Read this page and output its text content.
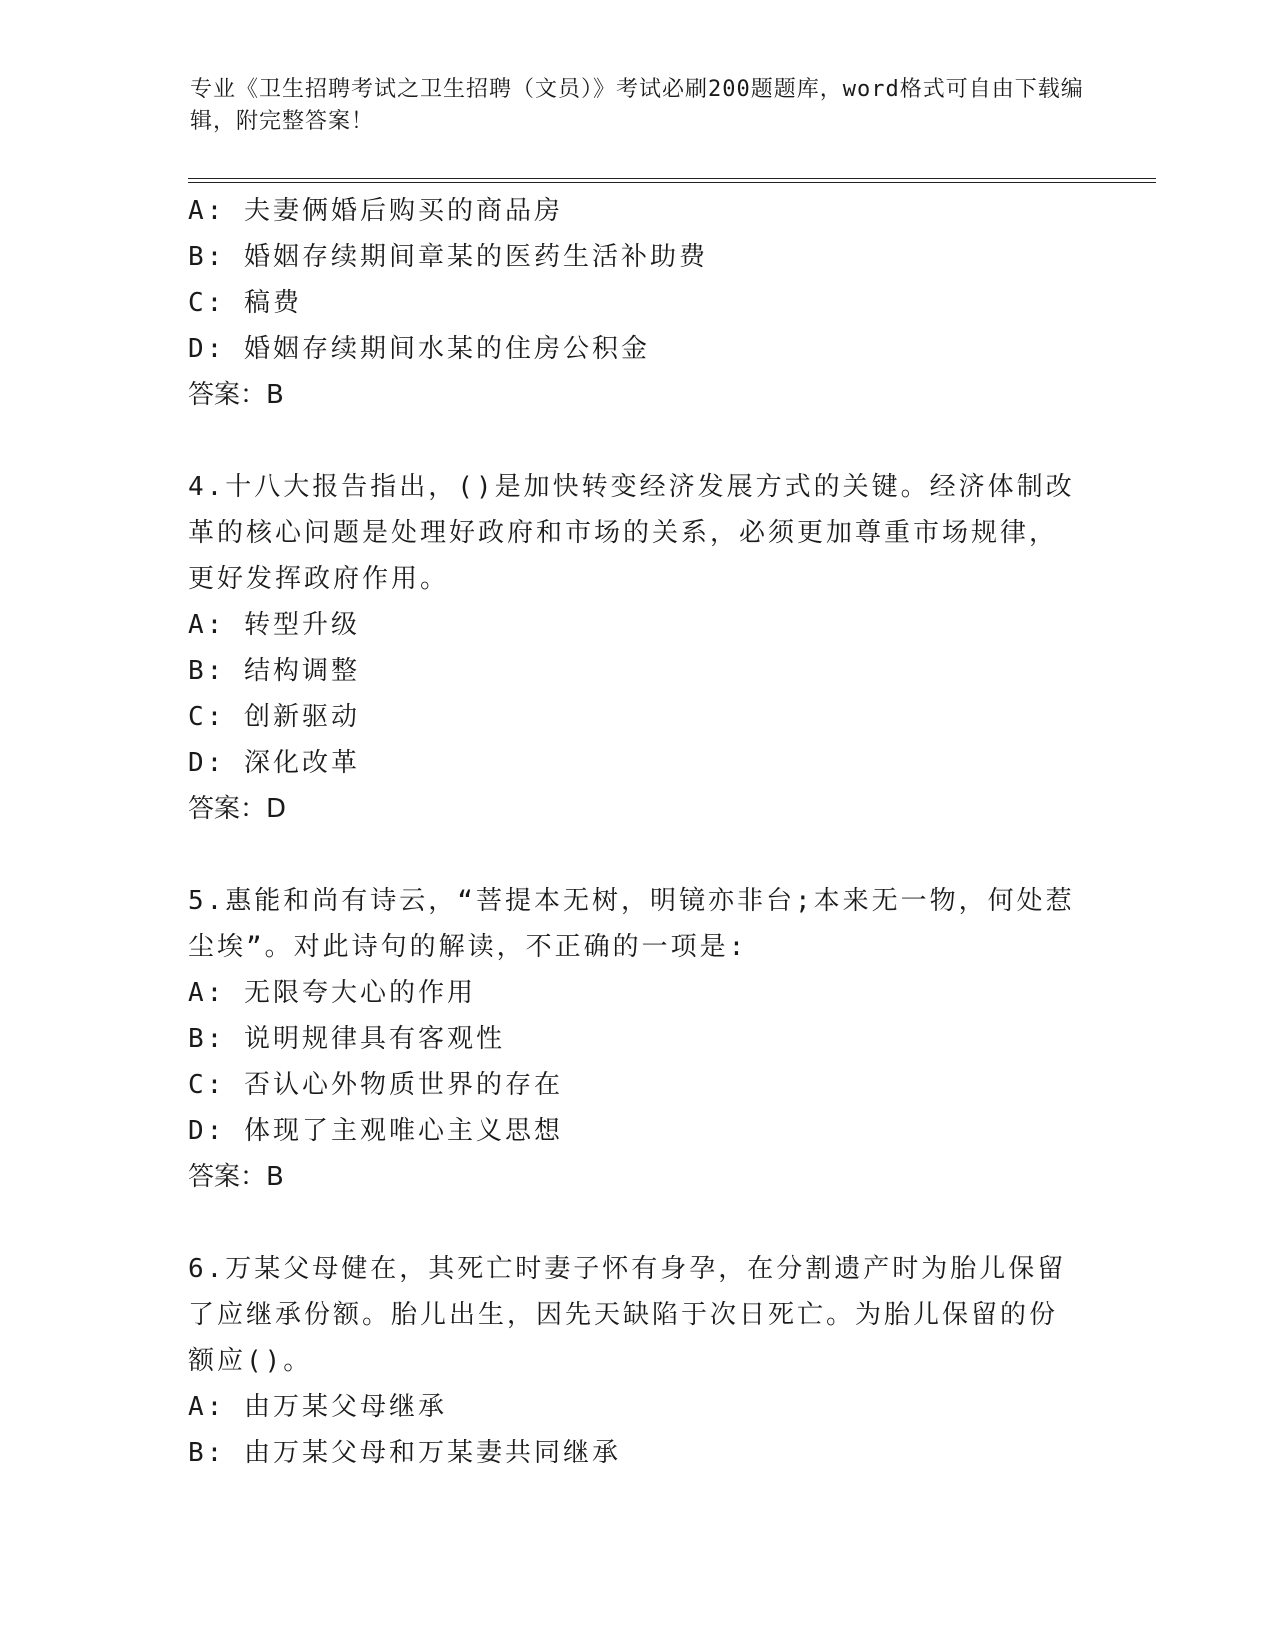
专业《卫生招聘考试之卫生招聘（文员）》考试必刷200题题库，word格式可自由下载编辑，附完整答案！
A: 夫妻俩婚后购买的商品房
B: 婚姻存续期间章某的医药生活补助费
C: 稿费
D: 婚姻存续期间水某的住房公积金
答案：B
4.十八大报告指出，()是加快转变经济发展方式的关键。经济体制改
革的核心问题是处理好政府和市场的关系，必须更加尊重市场规律，
更好发挥政府作用。
A: 转型升级
B: 结构调整
C: 创新驱动
D: 深化改革
答案：D
5.惠能和尚有诗云，“菩提本无树，明镜亦非台;本来无一物，何处惹
尘埃”。对此诗句的解读，不正确的一项是:
A: 无限夸大心的作用
B: 说明规律具有客观性
C: 否认心外物质世界的存在
D: 体现了主观唯心主义思想
答案：B
6.万某父母健在，其死亡时妻子怀有身孕，在分割遗产时为胎儿保留
了应继承份额。胎儿出生，因先天缺陷于次日死亡。为胎儿保留的份
额应()。
A: 由万某父母继承
B: 由万某父母和万某妻共同继承
